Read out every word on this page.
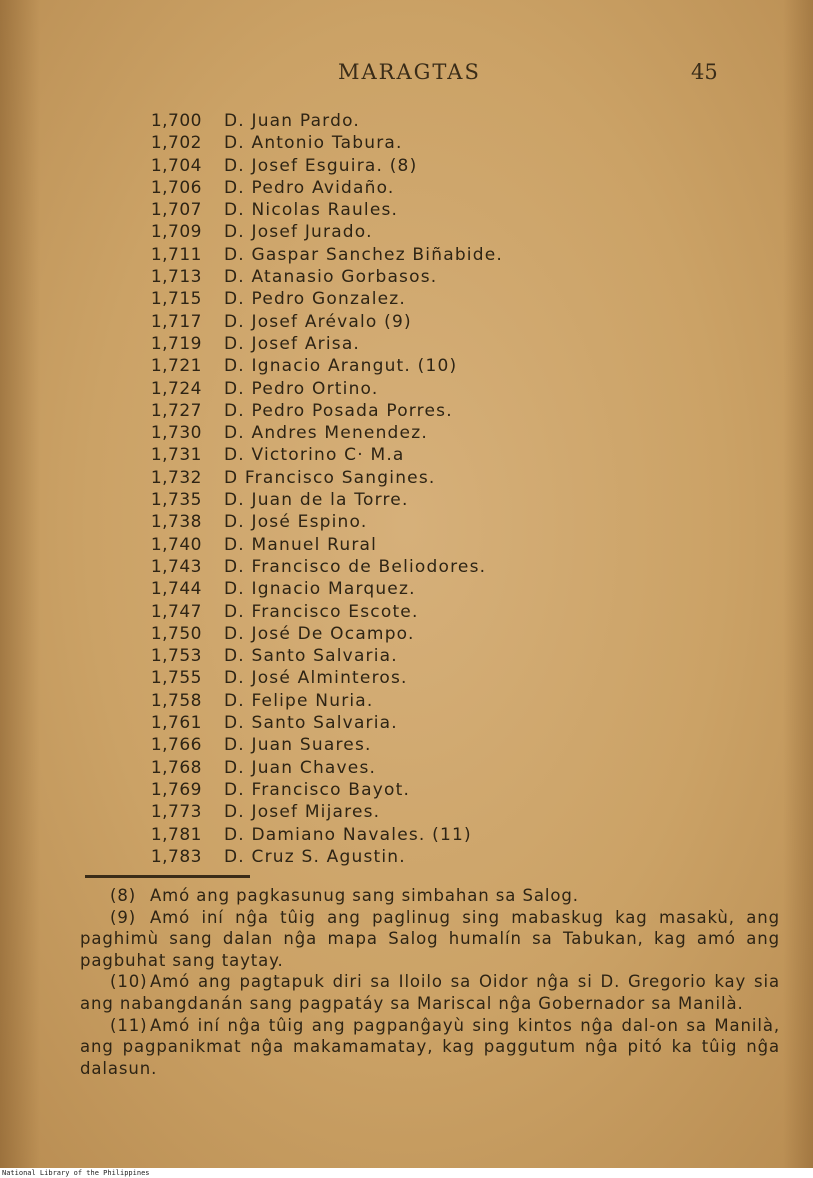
MARAGTAS	45
1,700	D. Juan Pardo.
1,702	D. Antonio Tabura.
1,704	D. Josef Esguira. (8)
1,706	D. Pedro Avidaño.
1,707	D. Nicolas Raules.
1,709	D. Josef Jurado.
1,711	D. Gaspar Sanchez Biñabide.
1,713	D. Atanasio Gorbasos.
1,715	D. Pedro Gonzalez.
1,717	D. Josef Arévalo (9)
1,719	D. Josef Arisa.
1,721	D. Ignacio Arangut. (10)
1,724	D. Pedro Ortino.
1,727	D. Pedro Posada Porres.
1,730	D. Andres Menendez.
1,731	D. Victorino C· M.a
1,732	D Francisco Sangines.
1,735	D. Juan de la Torre.
1,738	D. José Espino.
1,740	D. Manuel Rural
1,743	D. Francisco de Beliodores.
1,744	D. Ignacio Marquez.
1,747	D. Francisco Escote.
1,750	D. José De Ocampo.
1,753	D. Santo Salvaria.
1,755	D. José Alminteros.
1,758	D. Felipe Nuria.
1,761	D. Santo Salvaria.
1,766	D. Juan Suares.
1,768	D. Juan Chaves.
1,769	D. Francisco Bayot.
1,773	D. Josef Mijares.
1,781	D. Damiano Navales. (11)
1,783	D. Cruz S. Agustin.
(8) Amó ang pagkasunug sang simbahan sa Salog.
(9) Amó iní nĝa tûig ang paglinug sing mabaskug kag masakù, ang paghimù sang dalan nĝa mapa Salog humalín sa Tabukan, kag amó ang pagbuhat sang taytay.
(10) Amó ang pagtapuk diri sa Iloilo sa Oidor nĝa si D. Gregorio kay sia ang nabangdanán sang pagpatáy sa Mariscal nĝa Gobernador sa Manilà.
(11) Amó iní nĝa tûig ang pagpanĝayù sing kintos nĝa dal-on sa Manilà, ang pagpanikmat nĝa makamamatay, kag paggutum nĝa pitó ka tûig nĝa dalasun.
National Library of the Philippines
